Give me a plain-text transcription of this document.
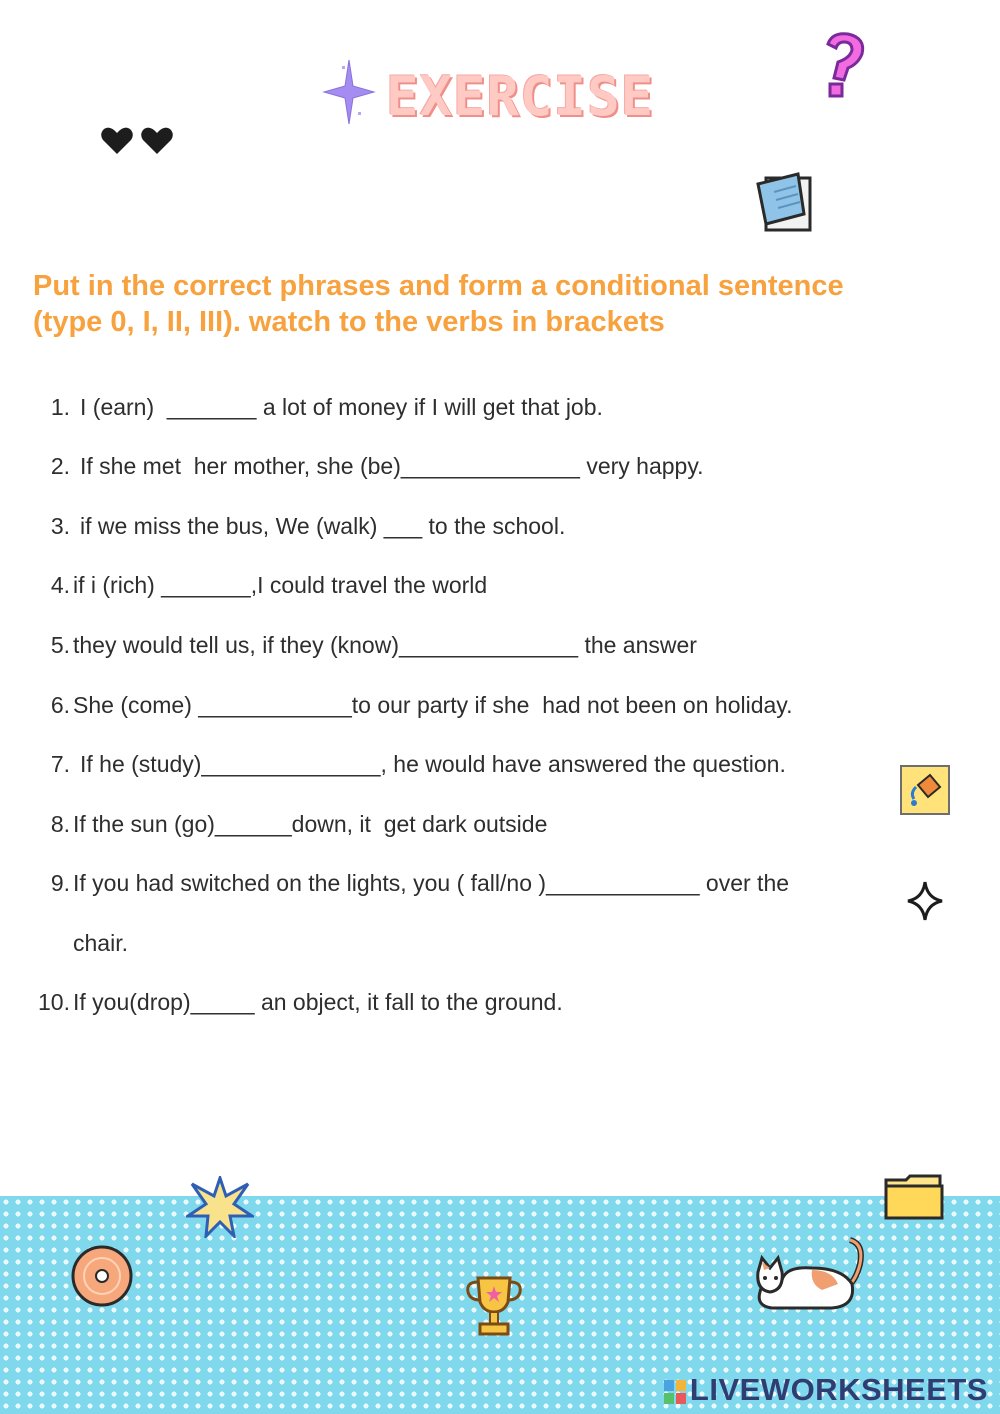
EXERCISE
Put in the correct phrases and form a conditional sentence (type 0, I, II, III). watch to the verbs in brackets
1. I (earn)  _______ a lot of money if I will get that job.
2. If she met  her mother, she (be)______________ very happy.
3. if we miss the bus, We (walk) ___ to the school.
4. if i (rich) _______,I could travel the world
5. they would tell us, if they (know)______________ the answer
6. She (come) ____________to our party if she  had not been on holiday.
7. If he (study)______________, he would have answered the question.
8. If the sun (go)______down, it  get dark outside
9. If you had switched on the lights, you ( fall/no )____________ over the
chair.
10. If you(drop)_____ an object, it fall to the ground.
LIVEWORKSHEETS
